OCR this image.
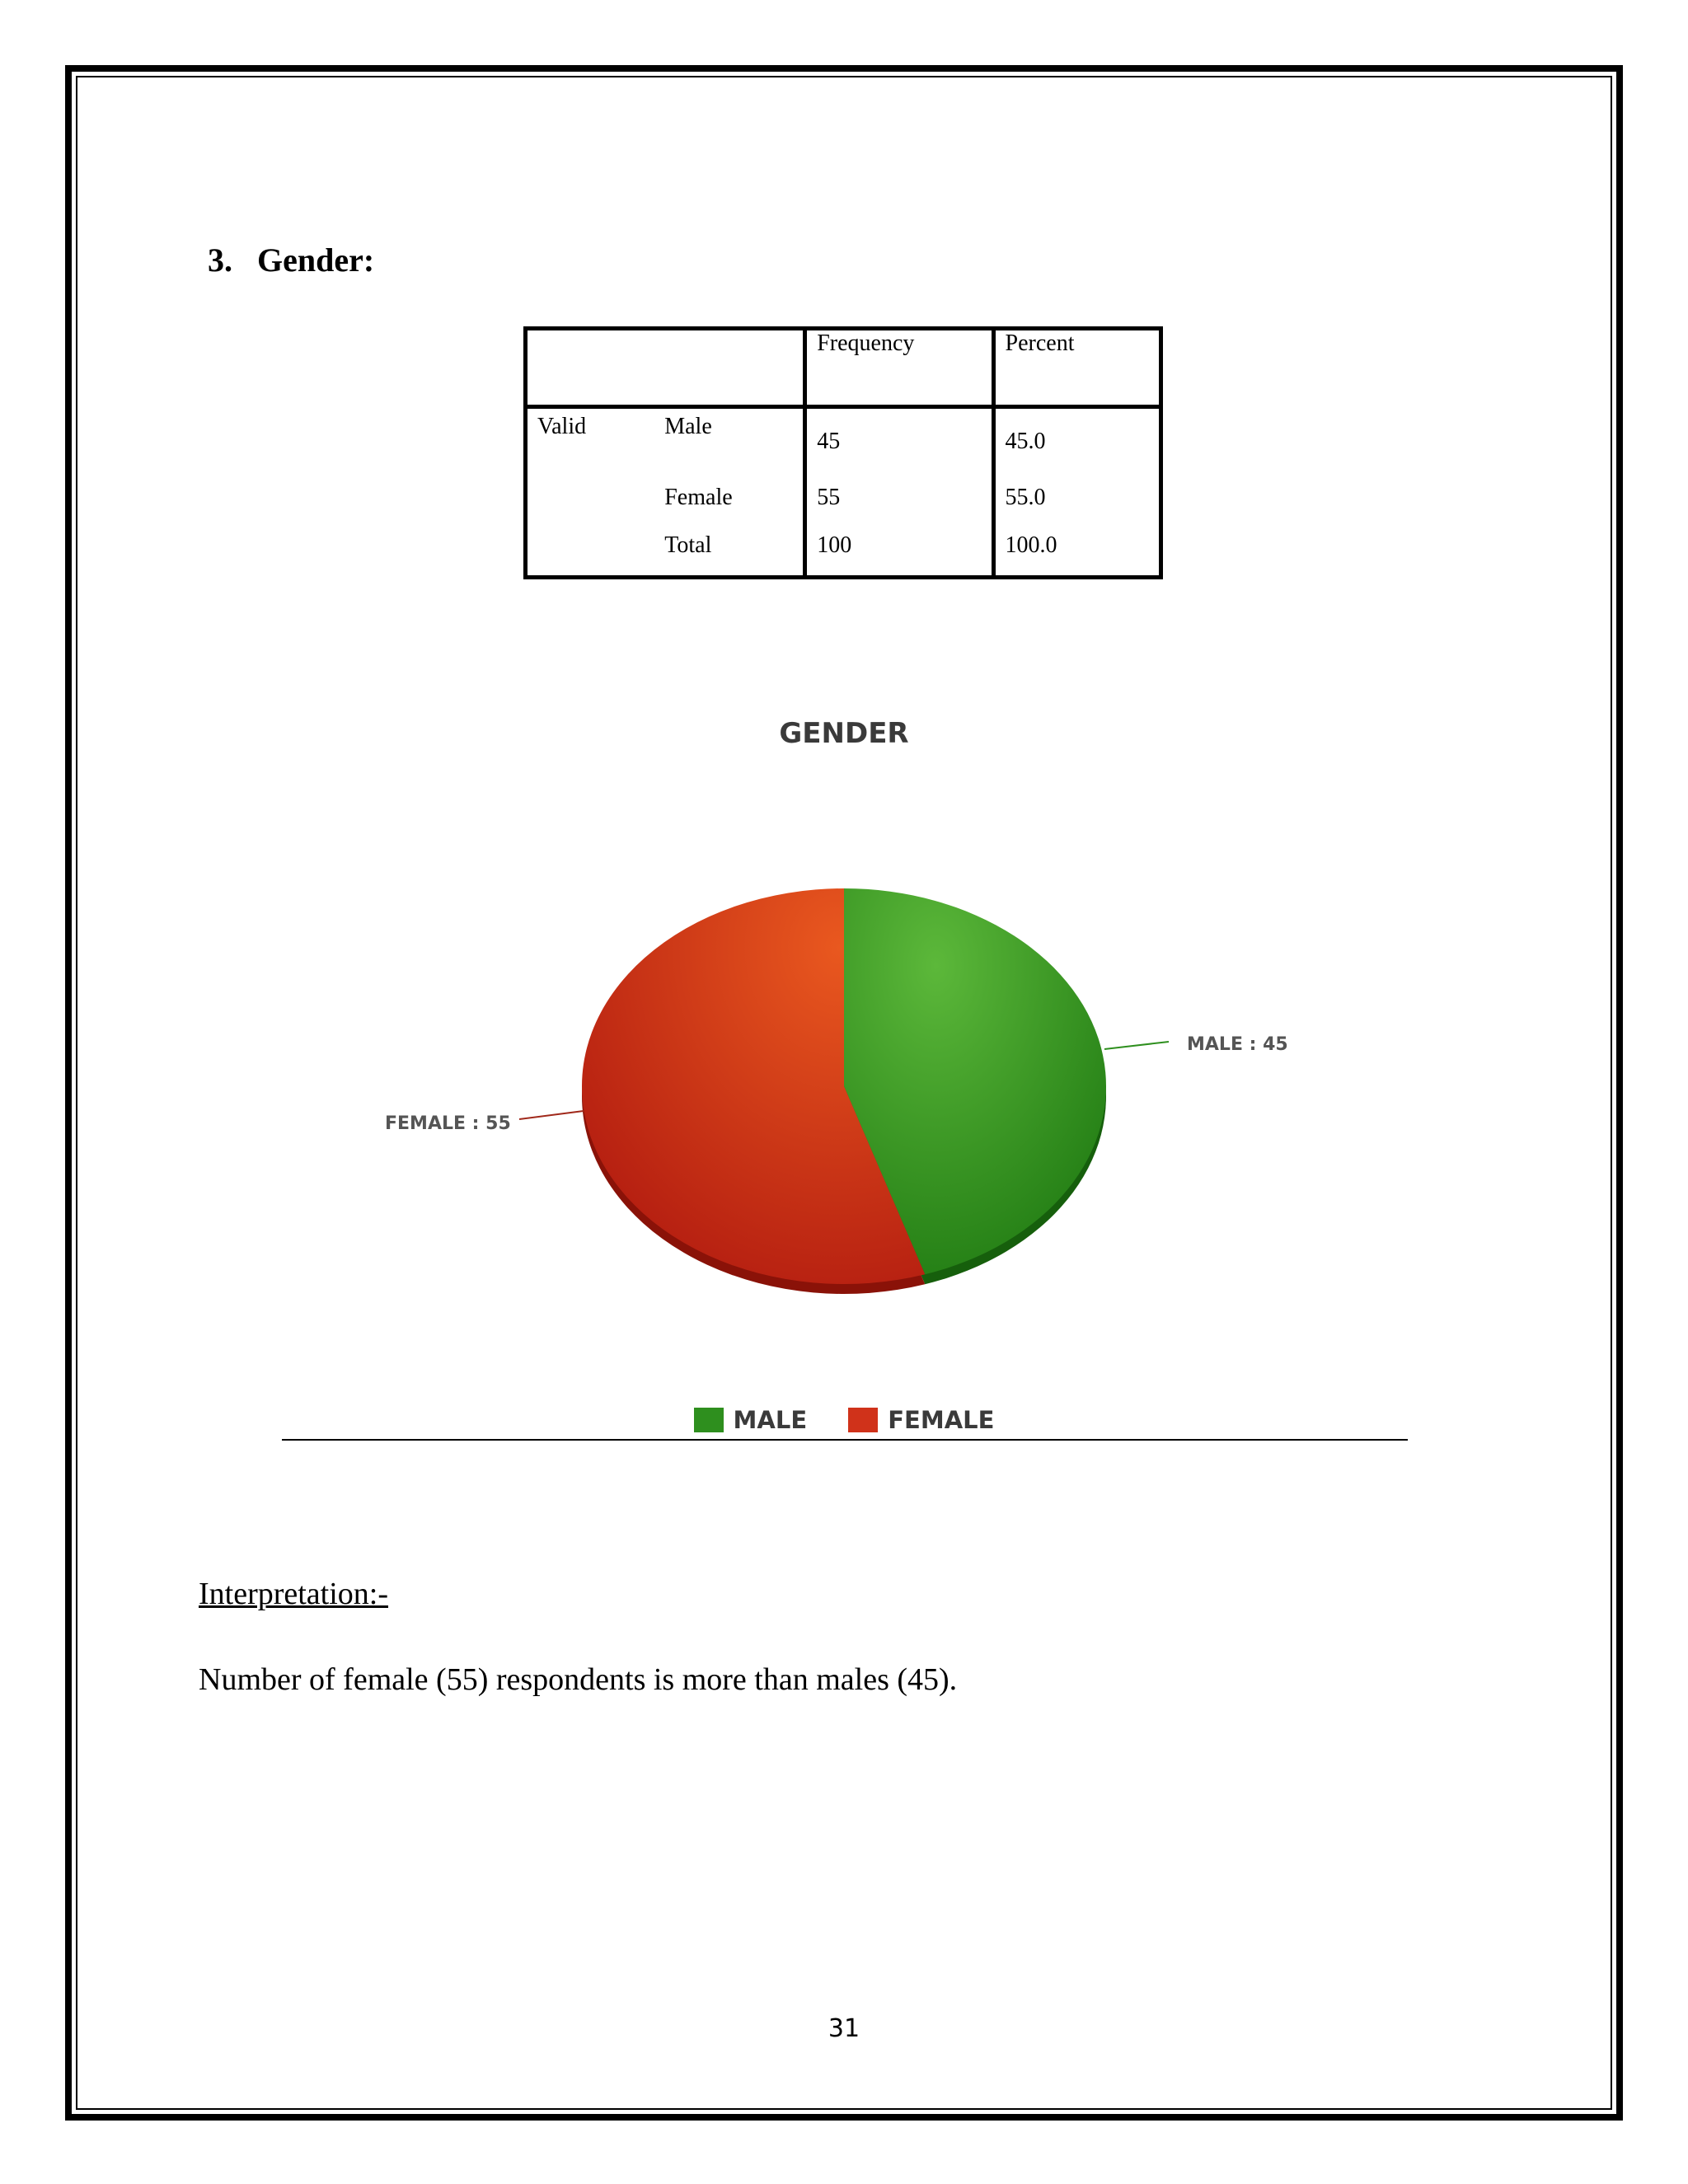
3. Gender:
		Frequency	Percent
Valid	Male	45	45.0
	Female	55	55.0
	Total	100	100.0
GENDER
MALE : 45
FEMALE : 55
MALE
	FEMALE
Interpretation:-
Number of female (55) respondents is more than males (45).
31
